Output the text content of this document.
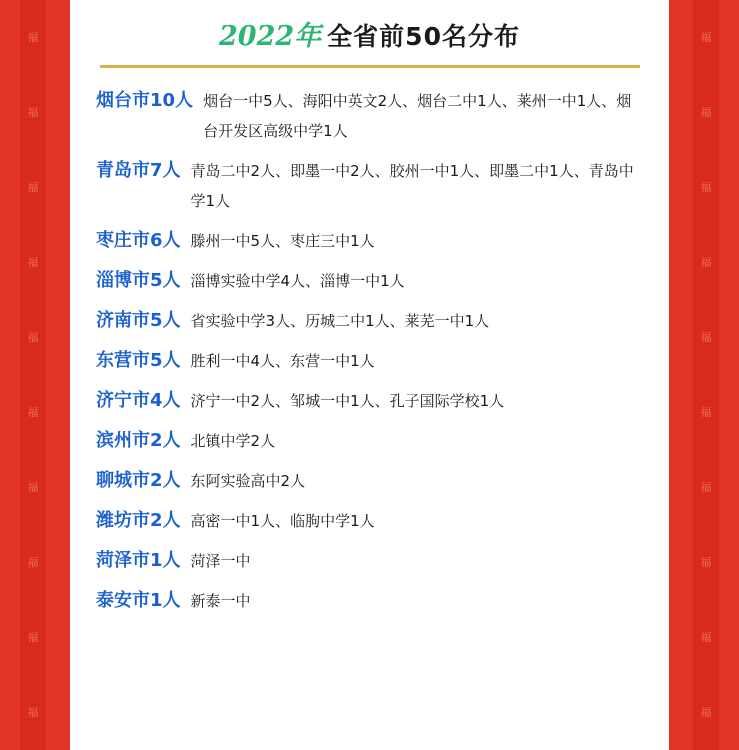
福
福
福
福
福
福
福
福
福
福
福
福
福
福
福
福
福
福
福
福
2022年 全省前50名分布
烟台市10人 烟台一中5人、海阳中英文2人、烟台二中1人、莱州一中1人、烟台开发区高级中学1人
青岛市7人 青岛二中2人、即墨一中2人、胶州一中1人、即墨二中1人、青岛中学1人
枣庄市6人 滕州一中5人、枣庄三中1人
淄博市5人 淄博实验中学4人、淄博一中1人
济南市5人 省实验中学3人、历城二中1人、莱芜一中1人
东营市5人 胜利一中4人、东营一中1人
济宁市4人 济宁一中2人、邹城一中1人、孔子国际学校1人
滨州市2人 北镇中学2人
聊城市2人 东阿实验高中2人
潍坊市2人 高密一中1人、临朐中学1人
菏泽市1人 菏泽一中
泰安市1人 新泰一中
